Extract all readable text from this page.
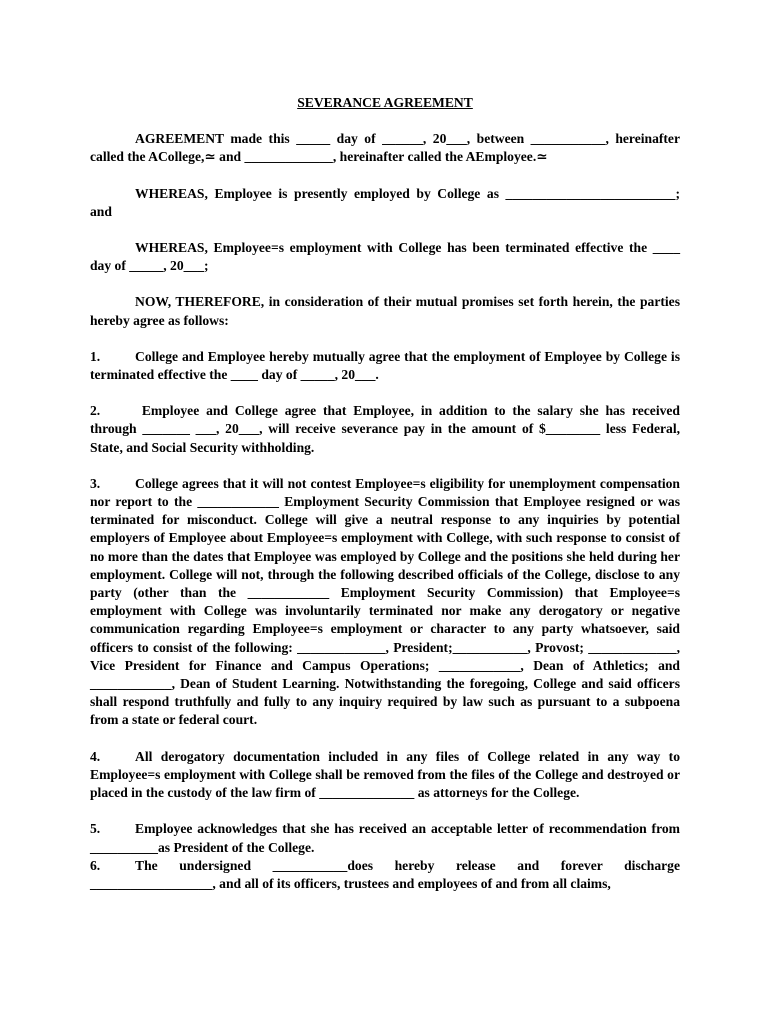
SEVERANCE AGREEMENT
AGREEMENT made this _____ day of ______, 20___, between ___________, hereinafter called the ACollege,≃ and _____________, hereinafter called the AEmployee.≃
WHEREAS, Employee is presently employed by College as _________________________; and
WHEREAS, Employee=s employment with College has been terminated effective the ____ day of _____, 20___;
NOW, THEREFORE, in consideration of their mutual promises set forth herein, the parties hereby agree as follows:
1.	College and Employee hereby mutually agree that the employment of Employee by College is terminated effective the ____ day of _____, 20___.
2.	Employee and College agree that Employee, in addition to the salary she has received through _______ ___, 20___, will receive severance pay in the amount of $________ less Federal, State, and Social Security withholding.
3.	College agrees that it will not contest Employee=s eligibility for unemployment compensation nor report to the ____________ Employment Security Commission that Employee resigned or was terminated for misconduct. College will give a neutral response to any inquiries by potential employers of Employee about Employee=s employment with College, with such response to consist of no more than the dates that Employee was employed by College and the positions she held during her employment. College will not, through the following described officials of the College, disclose to any party (other than the ____________ Employment Security Commission) that Employee=s employment with College was involuntarily terminated nor make any derogatory or negative communication regarding Employee=s employment or character to any party whatsoever, said officers to consist of the following: _____________, President;___________, Provost; _____________, Vice President for Finance and Campus Operations; ____________, Dean of Athletics; and ____________, Dean of Student Learning. Notwithstanding the foregoing, College and said officers shall respond truthfully and fully to any inquiry required by law such as pursuant to a subpoena from a state or federal court.
4.	All derogatory documentation included in any files of College related in any way to Employee=s employment with College shall be removed from the files of the College and destroyed or placed in the custody of the law firm of ______________ as attorneys for the College.
5.	Employee acknowledges that she has received an acceptable letter of recommendation from __________as President of the College.
6.	The undersigned ___________does hereby release and forever discharge __________________, and all of its officers, trustees and employees of and from all claims,
